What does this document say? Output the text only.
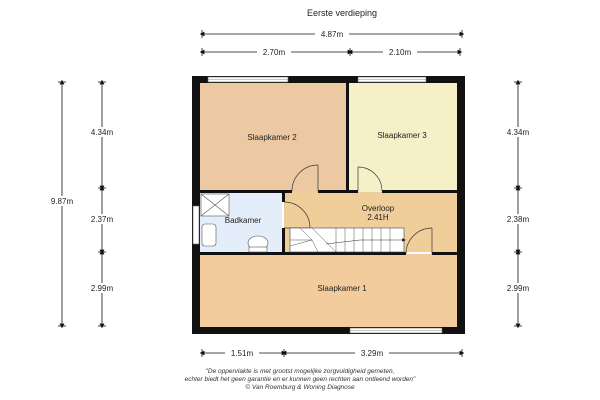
Eerste verdieping
Slaapkamer 2	Slaapkamer 3
Badkamer
Overloop
2.41H
Slaapkamer 1
4.87m
2.70m	2.10m
9.87m
4.34m
2.37m
2.99m
4.34m
2.38m
2.99m
1.51m	3.29m
"De oppervlakte is met grootst mogelijke zorgvuldigheid gemeten,
echter biedt het geen garantie en er kunnen geen rechten aan ontleend worden"
© Van Roemburg & Woning Diagnose
